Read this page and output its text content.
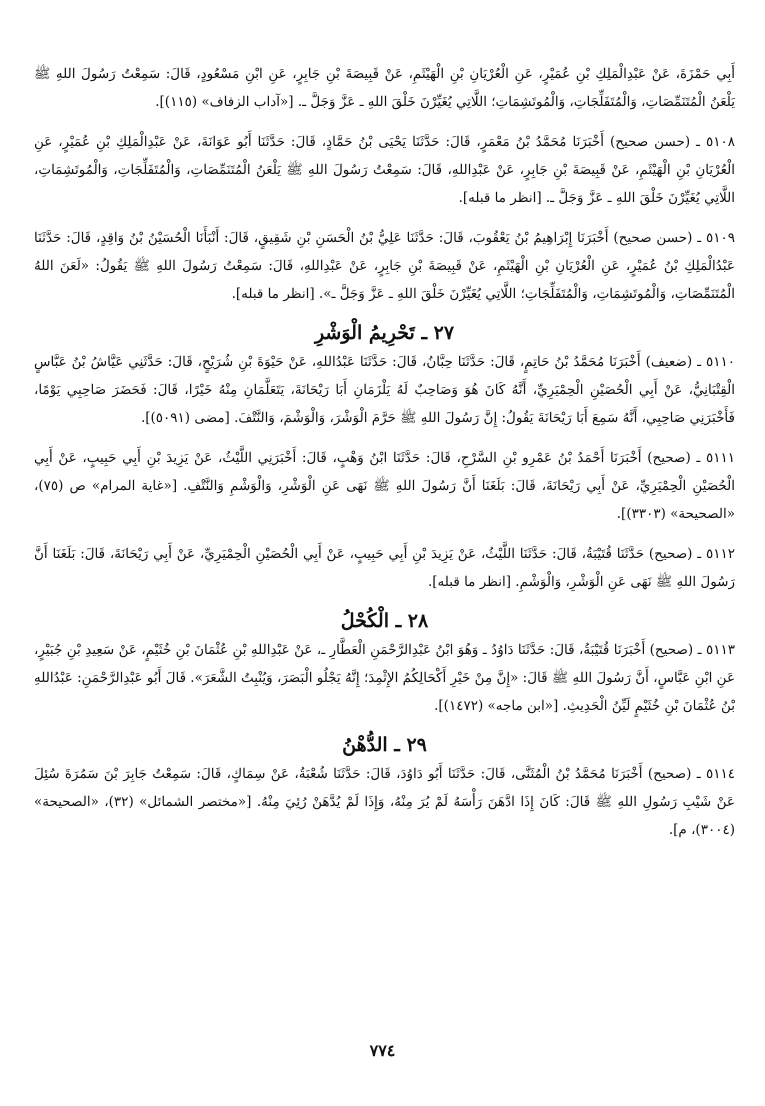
أَبِي حَمْزَةَ، عَنْ عَبْدِالْمَلِكِ بْنِ عُمَيْرٍ، عَنِ الْعُرْيَانِ بْنِ الْهَيْثَمِ، عَنْ قَبِيصَةَ بْنِ جَابِرٍ، عَنِ ابْنِ مَسْعُودٍ، قَالَ: سَمِعْتُ رَسُولَ اللهِ ﷺ يَلْعَنُ الْمُتَنَمِّصَاتِ، وَالْمُتَفَلِّجَاتِ، وَالْمُوتَشِمَاتِ؛ اللَّاتِي يُغَيِّرْنَ خَلْقَ اللهِ ـ عَزَّ وَجَلَّ ـ. [«آداب الزفاف» (١١٥)].

٥١٠٨ ـ (حسن صحيح) أَخْبَرَنَا مُحَمَّدُ بْنُ مَعْمَرٍ، قَالَ: حَدَّثَنَا يَحْيَى بْنُ حَمَّادٍ، قَالَ: حَدَّثَنَا أَبُو عَوَانَةَ، عَنْ عَبْدِالْمَلِكِ بْنِ عُمَيْرٍ، عَنِ الْعُرْيَانِ بْنِ الْهَيْثَمِ، عَنْ قَبِيصَةَ بْنِ جَابِرٍ، عَنْ عَبْدِاللهِ، قَالَ: سَمِعْتُ رَسُولَ اللهِ ﷺ يَلْعَنُ الْمُتَنَمِّصَاتِ، وَالْمُتَفَلِّجَاتِ، وَالْمُوتَشِمَاتِ، اللَّاتِي يُغَيِّرْنَ خَلْقَ اللهِ ـ عَزَّ وَجَلَّ ـ. [انظر ما قبله].

٥١٠٩ ـ (حسن صحيح) أَخْبَرَنَا إِبْرَاهِيمُ بْنُ يَعْقُوبَ، قَالَ: حَدَّثَنَا عَلِيُّ بْنُ الْحَسَنِ بْنِ شَقِيقٍ، قَالَ: أَنْبَأَنَا الْحُسَيْنُ بْنُ وَاقِدٍ، قَالَ: حَدَّثَنَا عَبْدُالْمَلِكِ بْنُ عُمَيْرٍ، عَنِ الْعُرْيَانِ بْنِ الْهَيْثَمِ، عَنْ قَبِيصَةَ بْنِ جَابِرٍ، عَنْ عَبْدِاللهِ، قَالَ: سَمِعْتُ رَسُولَ اللهِ ﷺ يَقُولُ: «لَعَنَ اللهُ الْمُتَنَمِّصَاتِ، وَالْمُوتَشِمَاتِ، وَالْمُتَفَلِّجَاتِ؛ اللَّاتِي يُغَيِّرْنَ خَلْقَ اللهِ ـ عَزَّ وَجَلَّ ـ». [انظر ما قبله].

٢٧ ـ تَحْرِيمُ الْوَشْرِ

٥١١٠ ـ (ضعيف) أَخْبَرَنَا مُحَمَّدُ بْنُ حَاتِمٍ، قَالَ: حَدَّثَنَا حِبَّانُ، قَالَ: حَدَّثَنَا عَبْدُاللهِ، عَنْ حَيْوَةَ بْنِ شُرَيْحٍ، قَالَ: حَدَّثَنِي عَيَّاشُ بْنُ عَبَّاسٍ الْقِتْبَانِيُّ، عَنْ أَبِي الْحُصَيْنِ الْحِمْيَرِيِّ، أَنَّهُ كَانَ هُوَ وَصَاحِبٌ لَهُ يَلْزَمَانِ أَبَا رَيْحَانَةَ، يَتَعَلَّمَانِ مِنْهُ خَيْرًا، قَالَ: فَحَضَرَ صَاحِبِي يَوْمًا، فَأَخْبَرَنِي صَاحِبِي، أَنَّهُ سَمِعَ أَبَا رَيْحَانَةَ يَقُولُ: إِنَّ رَسُولَ اللهِ ﷺ حَرَّمَ الْوَشْرَ، وَالْوَشْمَ، وَالنَّتْفَ. [مضى (٥٠٩١)].

٥١١١ ـ (صحيح) أَخْبَرَنَا أَحْمَدُ بْنُ عَمْرِو بْنِ السَّرْحِ، قَالَ: حَدَّثَنَا ابْنُ وَهْبٍ، قَالَ: أَخْبَرَنِي اللَّيْثُ، عَنْ يَزِيدَ بْنِ أَبِي حَبِيبٍ، عَنْ أَبِي الْحُصَيْنِ الْحِمْيَرِيِّ، عَنْ أَبِي رَيْحَانَةَ، قَالَ: بَلَغَنَا أَنَّ رَسُولَ اللهِ ﷺ نَهَى عَنِ الْوَشْرِ، وَالْوَشْمِ وَالنَّتْفِ. [«غاية المرام» ص (٧٥)، «الصحيحة» (٣٣٠٣)].

٥١١٢ ـ (صحيح) حَدَّثَنَا قُتَيْبَةُ، قَالَ: حَدَّثَنَا اللَّيْثُ، عَنْ يَزِيدَ بْنِ أَبِي حَبِيبٍ، عَنْ أَبِي الْحُصَيْنِ الْحِمْيَرِيِّ، عَنْ أَبِي رَيْحَانَةَ، قَالَ: بَلَغَنَا أَنَّ رَسُولَ اللهِ ﷺ نَهَى عَنِ الْوَشْرِ، وَالْوَشْمِ. [انظر ما قبله].

٢٨ ـ الْكُحْلُ

٥١١٣ ـ (صحيح) أَخْبَرَنَا قُتَيْبَةُ، قَالَ: حَدَّثَنَا دَاوُدُ ـ وَهُوَ ابْنُ عَبْدِالرَّحْمَنِ الْعَطَّارِ ـ، عَنْ عَبْدِاللهِ بْنِ عُثْمَانَ بْنِ خُثَيْمٍ، عَنْ سَعِيدِ بْنِ جُبَيْرٍ، عَنِ ابْنِ عَبَّاسٍ، أَنَّ رَسُولَ اللهِ ﷺ قَالَ: «إِنَّ مِنْ خَيْرِ أَكْحَالِكُمُ الإِثْمِدَ؛ إِنَّهُ يَجْلُو الْبَصَرَ، وَيُنْبِتُ الشَّعَرَ». قَالَ أَبُو عَبْدِالرَّحْمَنِ: عَبْدُاللهِ بْنُ عُثْمَانَ بْنِ خُثَيْمٍ لَيِّنُ الْحَدِيثِ. [«ابن ماجه» (١٤٧٢)].

٢٩ ـ الدُّهْنُ

٥١١٤ ـ (صحيح) أَخْبَرَنَا مُحَمَّدُ بْنُ الْمُثَنَّى، قَالَ: حَدَّثَنَا أَبُو دَاوُدَ، قَالَ: حَدَّثَنَا شُعْبَةُ، عَنْ سِمَاكٍ، قَالَ: سَمِعْتُ جَابِرَ بْنَ سَمُرَةَ سُئِلَ عَنْ شَيْبِ رَسُولِ اللهِ ﷺ قَالَ: كَانَ إِذَا ادَّهَنَ رَأْسَهُ لَمْ يُرَ مِنْهُ، وَإِذَا لَمْ يُدَّهَنْ رُئِيَ مِنْهُ. [«مختصر الشمائل» (٣٢)، «الصحيحة» (٣٠٠٤)، م].

٧٧٤
